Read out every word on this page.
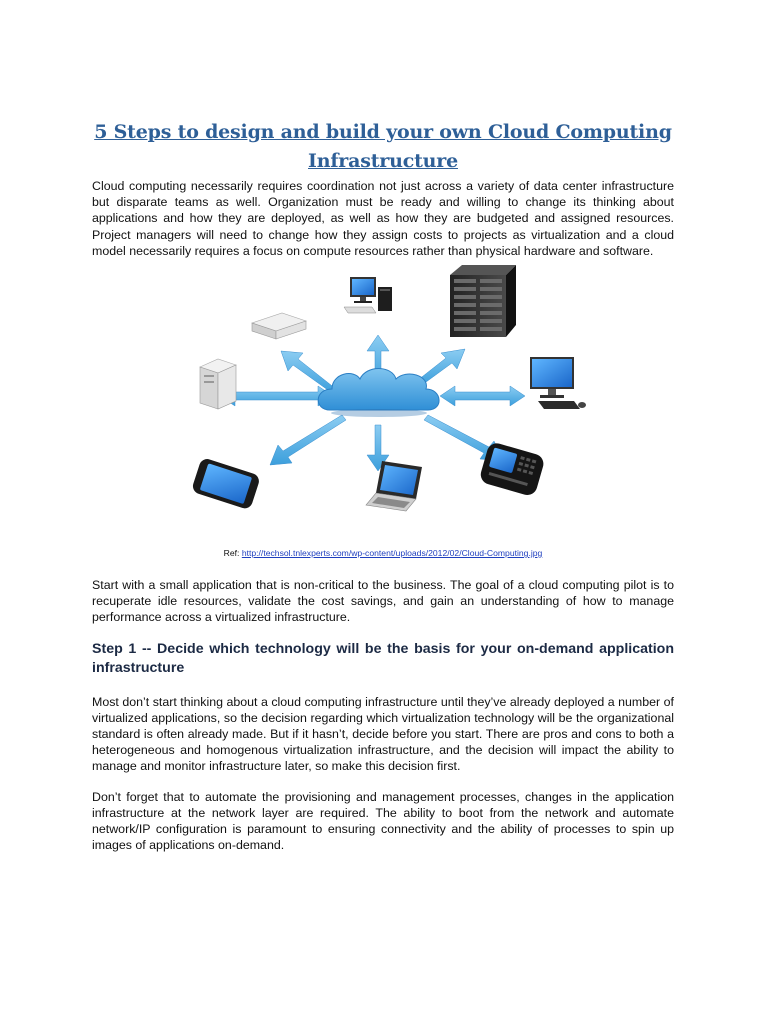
5 Steps to design and build your own Cloud Computing Infrastructure

Cloud computing necessarily requires coordination not just across a variety of data center infrastructure but disparate teams as well. Organization must be ready and willing to change its thinking about applications and how they are deployed, as well as how they are budgeted and assigned resources. Project managers will need to change how they assign costs to projects as virtualization and a cloud model necessarily requires a focus on compute resources rather than physical hardware and software.

Ref: http://techsol.tnlexperts.com/wp-content/uploads/2012/02/Cloud-Computing.jpg

Start with a small application that is non-critical to the business. The goal of a cloud computing pilot is to recuperate idle resources, validate the cost savings, and gain an understanding of how to manage performance across a virtualized infrastructure.

Step 1 -- Decide which technology will be the basis for your on-demand application infrastructure

Most don’t start thinking about a cloud computing infrastructure until they’ve already deployed a number of virtualized applications, so the decision regarding which virtualization technology will be the organizational standard is often already made. But if it hasn’t, decide before you start. There are pros and cons to both a heterogeneous and homogenous virtualization infrastructure, and the decision will impact the ability to manage and monitor infrastructure later, so make this decision first.

Don’t forget that to automate the provisioning and management processes, changes in the application infrastructure at the network layer are required. The ability to boot from the network and automate network/IP configuration is paramount to ensuring connectivity and the ability of processes to spin up images of applications on-demand.
